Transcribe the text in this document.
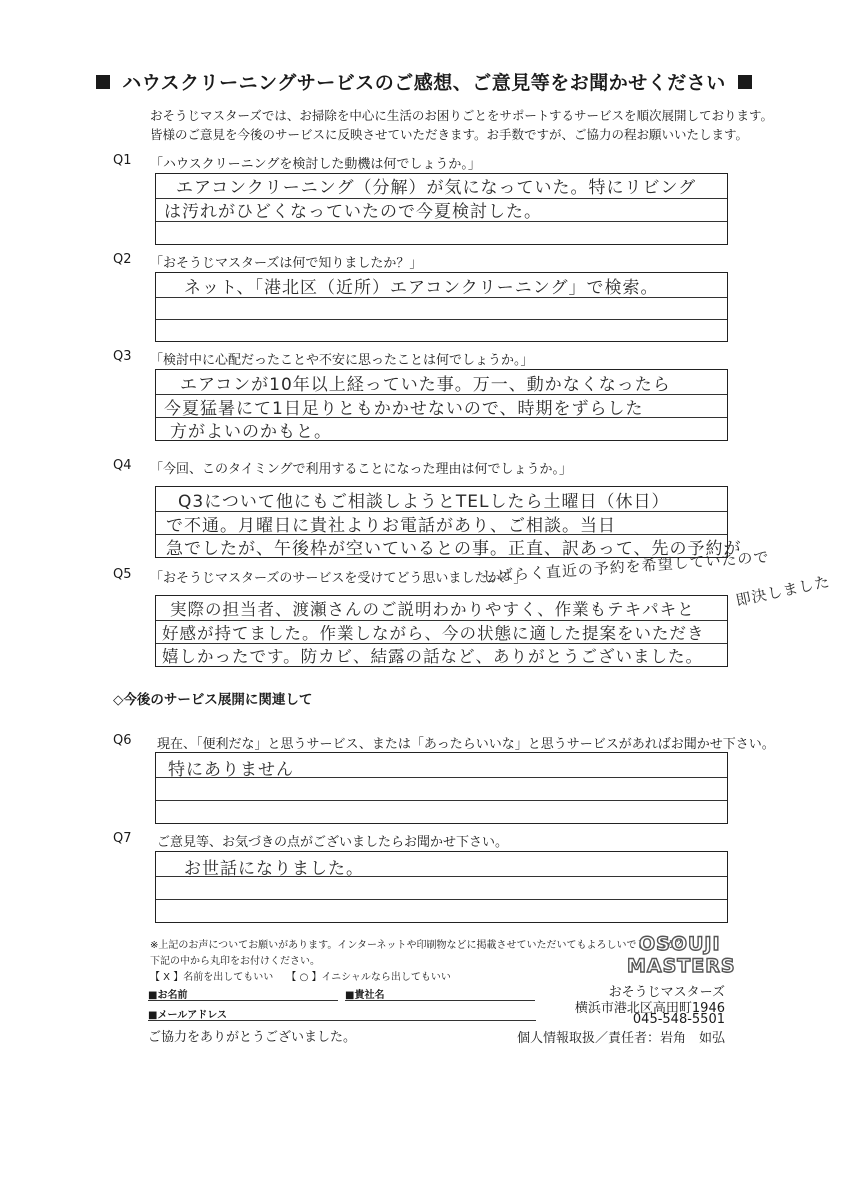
ハウスクリーニングサービスのご感想、ご意見等をお聞かせください
おそうじマスターズでは、お掃除を中心に生活のお困りごとをサポートするサービスを順次展開しております。
皆様のご意見を今後のサービスに反映させていただきます。お手数ですが、ご協力の程お願いいたします。
Q1 「ハウスクリーニングを検討した動機は何でしょうか。」
エアコンクリーニング（分解）が気になっていた。特にリビング
は汚れがひどくなっていたので今夏検討した。
Q2 「おそうじマスターズは何で知りましたか？」
ネット、「港北区（近所）エアコンクリーニング」で検索。
Q3 「検討中に心配だったことや不安に思ったことは何でしょうか。」
エアコンが10年以上経っていた事。万一、動かなくなったら
今夏猛暑にて1日足りともかかせないので、時期をずらした
方がよいのかもと。
Q4 「今回、このタイミングで利用することになった理由は何でしょうか。」
Q3について他にもご相談しようとTELしたら土曜日（休日）
で不通。月曜日に貴社よりお電話があり、ご相談。当日
急でしたが、午後枠が空いているとの事。正直、訳あって、先の予約が
Q5 「おそうじマスターズのサービスを受けてどう思いましたか？」
しばらく直近の予約を希望していたので
即決しました
実際の担当者、渡瀬さんのご説明わかりやすく、作業もテキパキと
好感が持てました。作業しながら、今の状態に適した提案をいただき
嬉しかったです。防カビ、結露の話など、ありがとうございました。
◇今後のサービス展開に関連して
Q6 現在、「便利だな」と思うサービス、または「あったらいいな」と思うサービスがあればお聞かせ下さい。
特にありません
Q7 ご意見等、お気づきの点がございましたらお聞かせ下さい。
お世話になりました。
※上記のお声についてお願いがあります。インターネットや印刷物などに掲載させていただいてもよろしいでしょうか？
下記の中から丸印をお付けください。
【 X 】名前を出してもいい 【 ○ 】イニシャルなら出してもいい
■お名前	■貴社名
■メールアドレス
OSOUJI
MASTERS
おそうじマスターズ
横浜市港北区高田町1946
045-548-5501
個人情報取扱／責任者：岩角　如弘
ご協力をありがとうございました。
